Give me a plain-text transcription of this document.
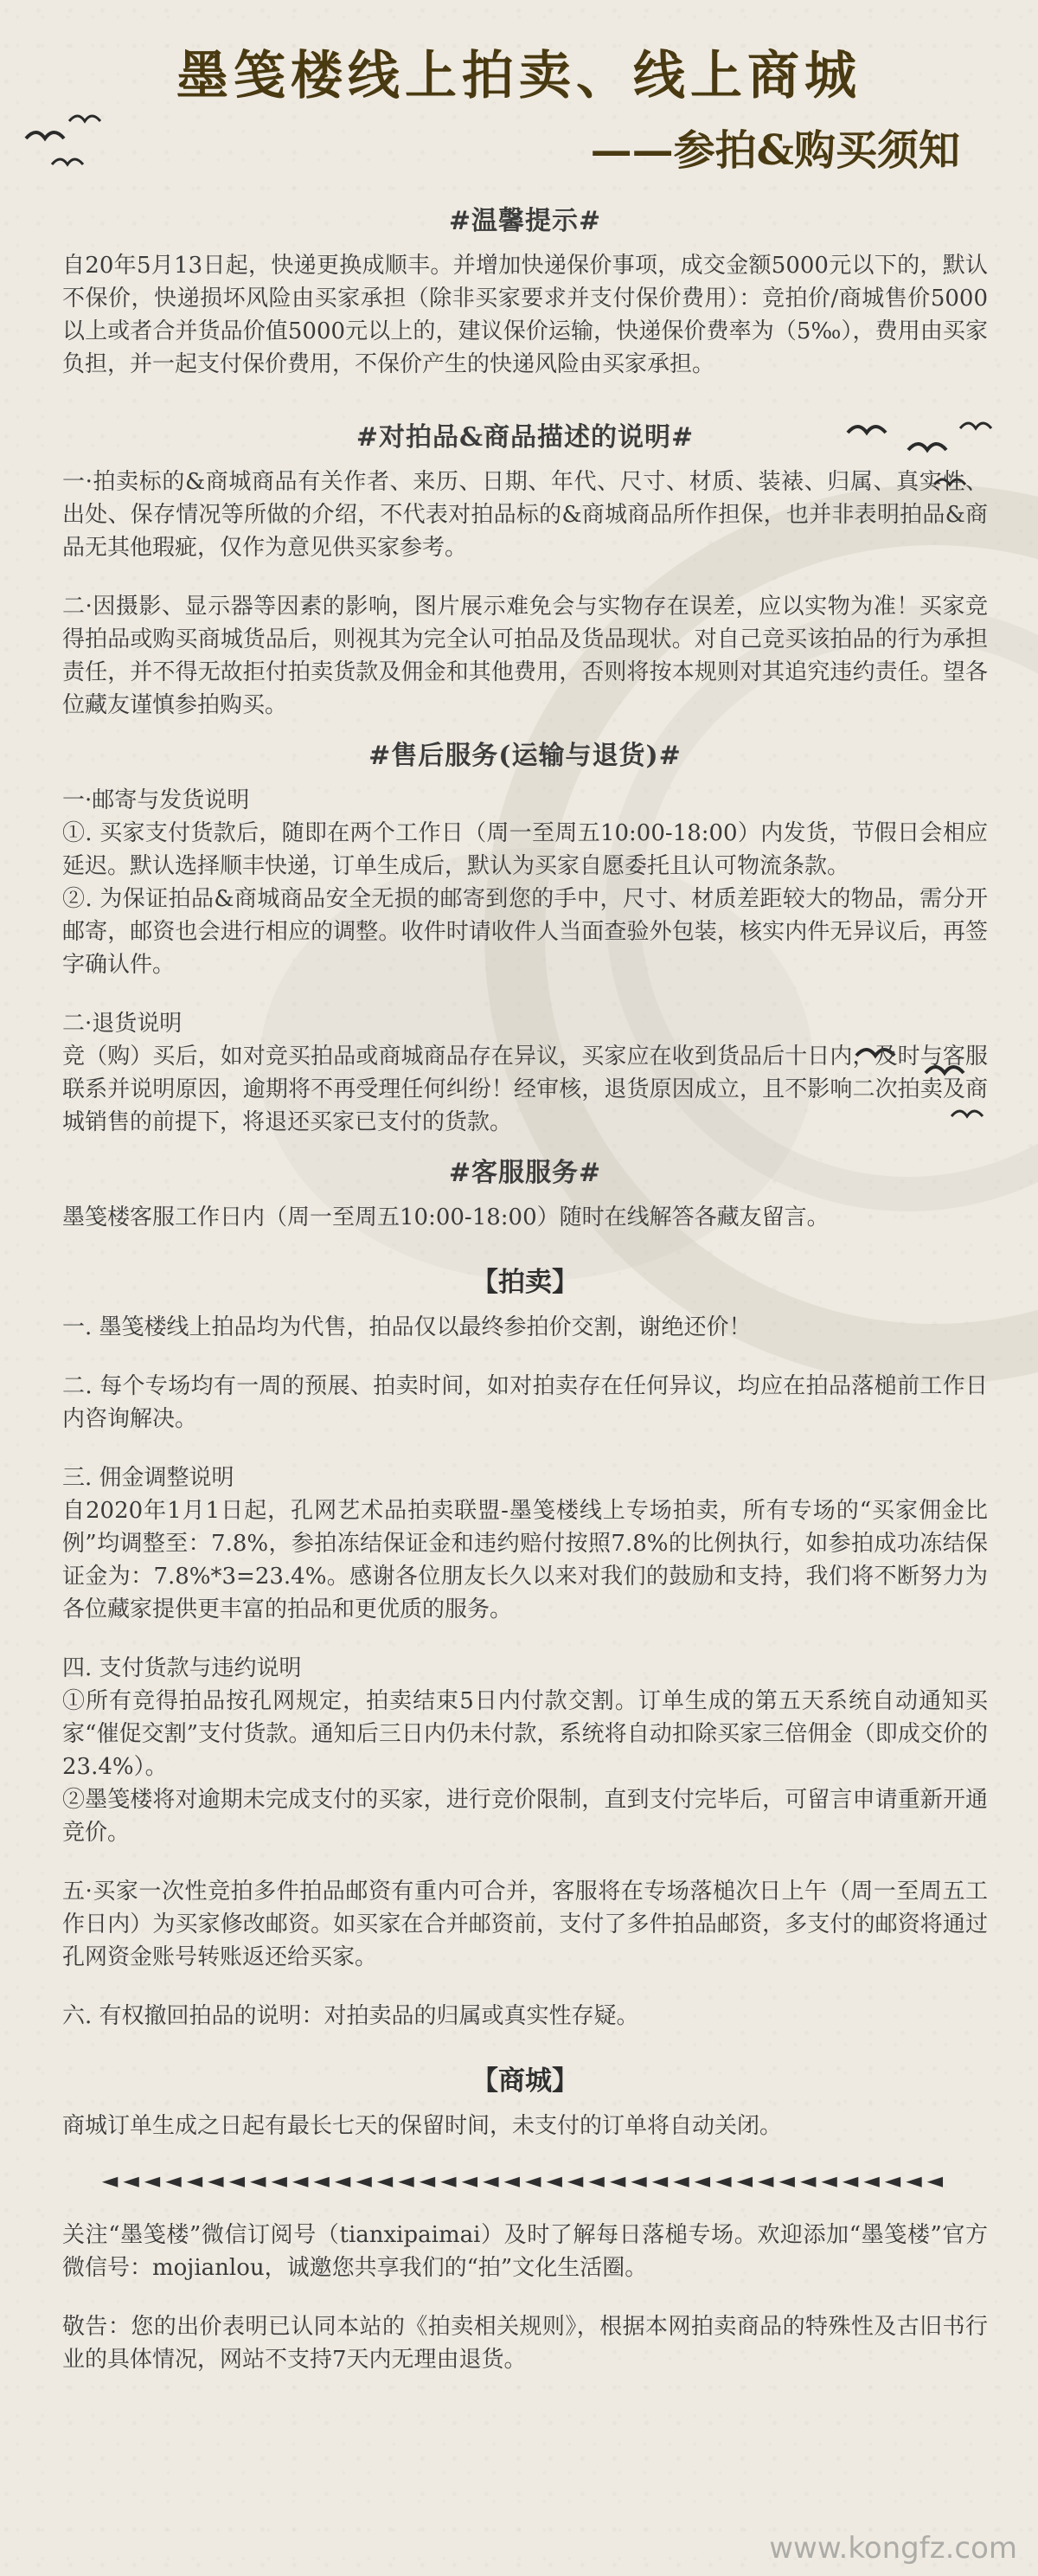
墨笺楼线上拍卖、线上商城
——参拍&购买须知
#温馨提示#

自20年5月13日起，快递更换成顺丰。并增加快递保价事项，成交金额5000元以下的，默认不保价，快递损坏风险由买家承担（除非买家要求并支付保价费用）：竞拍价/商城售价5000以上或者合并货品价值5000元以上的，建议保价运输，快递保价费率为（5‰），费用由买家负担，并一起支付保价费用，不保价产生的快递风险由买家承担。

#对拍品&商品描述的说明#

一·拍卖标的&商城商品有关作者、来历、日期、年代、尺寸、材质、装裱、归属、真实性、出处、保存情况等所做的介绍，不代表对拍品标的&商城商品所作担保，也并非表明拍品&商品无其他瑕疵，仅作为意见供买家参考。

二·因摄影、显示器等因素的影响，图片展示难免会与实物存在误差，应以实物为准！买家竞得拍品或购买商城货品后，则视其为完全认可拍品及货品现状。对自己竞买该拍品的行为承担责任，并不得无故拒付拍卖货款及佣金和其他费用，否则将按本规则对其追究违约责任。望各位藏友谨慎参拍购买。

#售后服务(运输与退货)#

一·邮寄与发货说明

①. 买家支付货款后，随即在两个工作日（周一至周五10:00-18:00）内发货，节假日会相应延迟。默认选择顺丰快递，订单生成后，默认为买家自愿委托且认可物流条款。

②. 为保证拍品&商城商品安全无损的邮寄到您的手中，尺寸、材质差距较大的物品，需分开邮寄，邮资也会进行相应的调整。收件时请收件人当面查验外包装，核实内件无异议后，再签字确认件。

二·退货说明

竞（购）买后，如对竞买拍品或商城商品存在异议，买家应在收到货品后十日内，及时与客服联系并说明原因，逾期将不再受理任何纠纷！经审核，退货原因成立，且不影响二次拍卖及商城销售的前提下，将退还买家已支付的货款。

#客服服务#

墨笺楼客服工作日内（周一至周五10:00-18:00）随时在线解答各藏友留言。

【拍卖】

一. 墨笺楼线上拍品均为代售，拍品仅以最终参拍价交割，谢绝还价！

二. 每个专场均有一周的预展、拍卖时间，如对拍卖存在任何异议，均应在拍品落槌前工作日内咨询解决。

三. 佣金调整说明

自2020年1月1日起，孔网艺术品拍卖联盟-墨笺楼线上专场拍卖，所有专场的“买家佣金比例”均调整至：7.8%，参拍冻结保证金和违约赔付按照7.8%的比例执行，如参拍成功冻结保证金为：7.8%*3=23.4%。感谢各位朋友长久以来对我们的鼓励和支持，我们将不断努力为各位藏家提供更丰富的拍品和更优质的服务。

四. 支付货款与违约说明

①所有竞得拍品按孔网规定，拍卖结束5日内付款交割。订单生成的第五天系统自动通知买家“催促交割”支付货款。通知后三日内仍未付款，系统将自动扣除买家三倍佣金（即成交价的23.4%）。

②墨笺楼将对逾期未完成支付的买家，进行竞价限制，直到支付完毕后，可留言申请重新开通竞价。

五·买家一次性竞拍多件拍品邮资有重内可合并，客服将在专场落槌次日上午（周一至周五工作日内）为买家修改邮资。如买家在合并邮资前，支付了多件拍品邮资，多支付的邮资将通过孔网资金账号转账返还给买家。

六. 有权撤回拍品的说明：对拍卖品的归属或真实性存疑。

【商城】

商城订单生成之日起有最长七天的保留时间，未支付的订单将自动关闭。

◄◄◄◄◄◄◄◄◄◄◄◄◄◄◄◄◄◄◄◄◄◄◄◄◄◄◄◄◄◄◄◄◄◄◄◄◄◄◄◄

关注“墨笺楼”微信订阅号（tianxipaimai）及时了解每日落槌专场。欢迎添加“墨笺楼”官方微信号：mojianlou，诚邀您共享我们的“拍”文化生活圈。

敬告：您的出价表明已认同本站的《拍卖相关规则》，根据本网拍卖商品的特殊性及古旧书行业的具体情况，网站不支持7天内无理由退货。

www.kongfz.com
